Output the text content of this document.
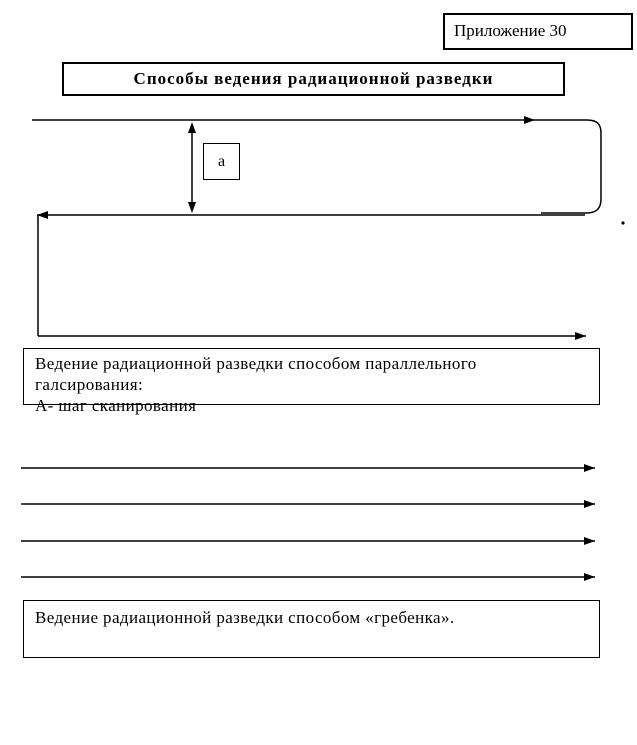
Приложение 30
Способы ведения радиационной разведки
а
Ведение радиационной разведки способом параллельного
галсирования:
А- шаг сканирования
Ведение радиационной разведки способом «гребенка».
